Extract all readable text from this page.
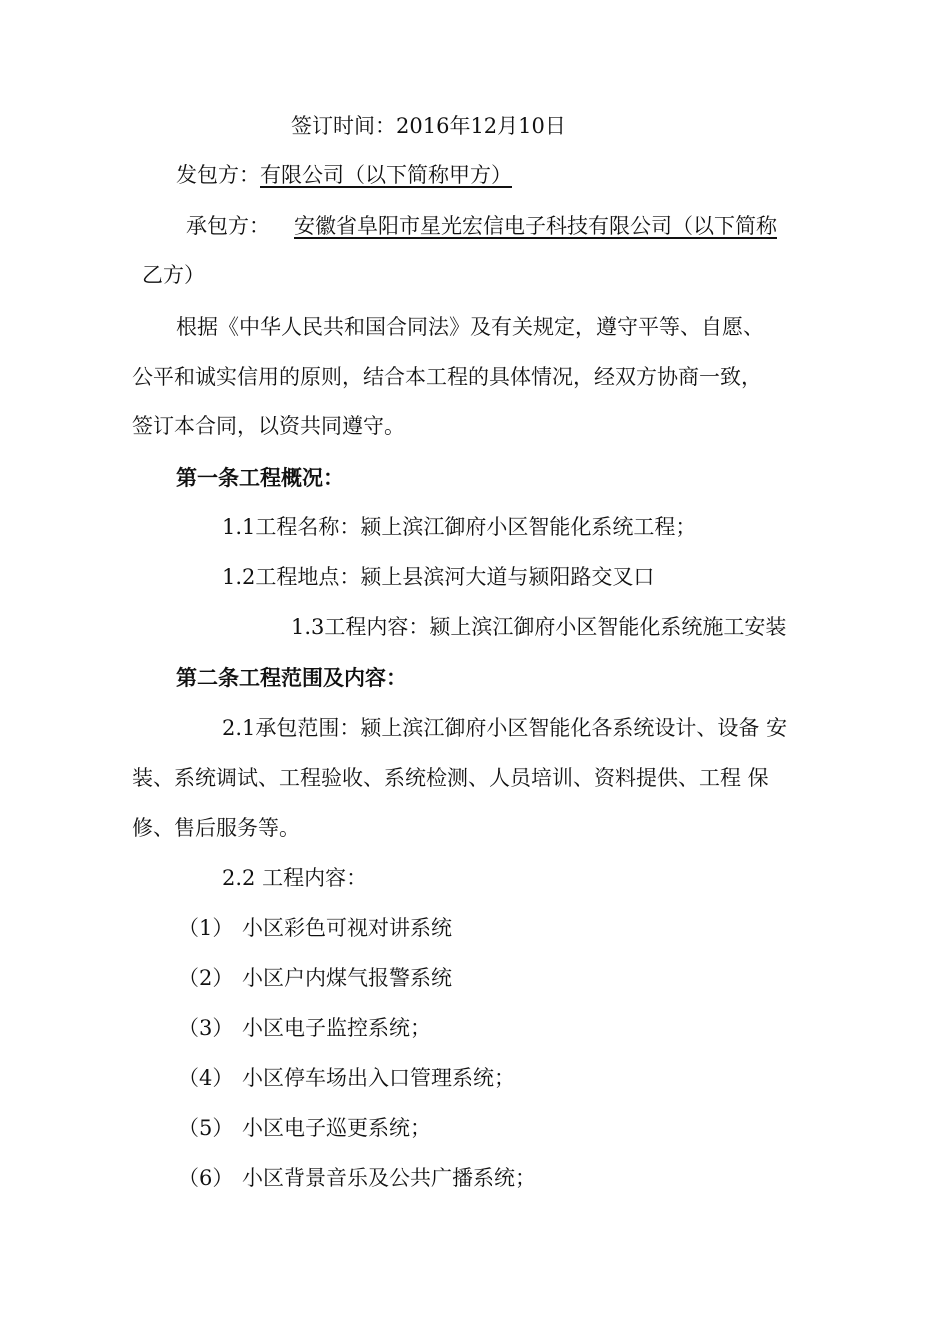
签订时间：2016年12月10日
发包方：有限公司（以下简称甲方）
承包方： 安徽省阜阳市星光宏信电子科技有限公司（以下简称
乙方）
根据《中华人民共和国合同法》及有关规定，遵守平等、自愿、
公平和诚实信用的原则，结合本工程的具体情况，经双方协商一致，
签订本合同，以资共同遵守。
第一条工程概况：
1.1工程名称：颍上滨江御府小区智能化系统工程；
1.2工程地点：颍上县滨河大道与颍阳路交叉口
1.3工程内容：颍上滨江御府小区智能化系统施工安装
第二条工程范围及内容：
2.1承包范围：颍上滨江御府小区智能化各系统设计、设备 安
装、系统调试、工程验收、系统检测、人员培训、资料提供、工程 保
修、售后服务等。
2.2 工程内容：
（1） 小区彩色可视对讲系统
（2） 小区户内煤气报警系统
（3） 小区电子监控系统；
（4） 小区停车场出入口管理系统；
（5） 小区电子巡更系统；
（6） 小区背景音乐及公共广播系统；
